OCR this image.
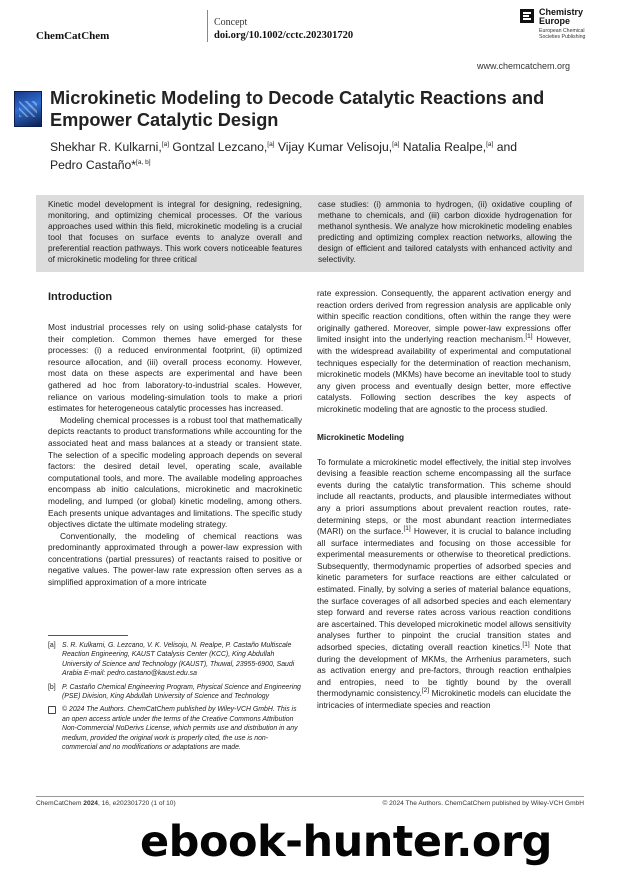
ChemCatChem
Concept
doi.org/10.1002/cctc.202301720
Chemistry
Europe
European Chemical
Societies Publishing
www.chemcatchem.org
Microkinetic Modeling to Decode Catalytic Reactions and Empower Catalytic Design
Shekhar R. Kulkarni,[a] Gontzal Lezcano,[a] Vijay Kumar Velisoju,[a] Natalia Realpe,[a] and
Pedro Castaño*[a, b]

Kinetic model development is integral for designing, redesigning, monitoring, and optimizing chemical processes. Of the various approaches used within this field, microkinetic modeling is a crucial tool that focuses on surface events to analyze overall and preferential reaction pathways. This work covers noticeable features of microkinetic modeling for three critical

case studies: (i) ammonia to hydrogen, (ii) oxidative coupling of methane to chemicals, and (iii) carbon dioxide hydrogenation for methanol synthesis. We analyze how microkinetic modeling enables predicting and optimizing complex reaction networks, allowing the design of efficient and tailored catalysts with enhanced activity and selectivity.

Introduction

Most industrial processes rely on using solid-phase catalysts for their completion. Common themes have emerged for these processes: (i) a reduced environmental footprint, (ii) optimized resource allocation, and (iii) overall process economy. However, most data on these aspects are experimental and have been gathered ad hoc from laboratory-to-industrial scales. However, reliance on various modeling-simulation tools to make a priori estimates for heterogeneous catalytic processes has increased.

Modeling chemical processes is a robust tool that mathematically depicts reactants to product transformations while accounting for the associated heat and mass balances at a steady or transient state. The selection of a specific modeling approach depends on several factors: the desired detail level, operating scale, available computational tools, and more. The available modeling approaches encompass ab initio calculations, microkinetic and macrokinetic modeling, and lumped (or global) kinetic modeling, among others. Each presents unique advantages and limitations. The specific study objectives dictate the ultimate modeling strategy.

Conventionally, the modeling of chemical reactions was predominantly approximated through a power-law expression with concentrations (partial pressures) of reactants raised to positive or negative values. The power-law rate expression often serves as a simplified approximation of a more intricate

rate expression. Consequently, the apparent activation energy and reaction orders derived from regression analysis are applicable only within specific reaction conditions, often within the range they were originally gathered. Moreover, simple power-law expressions offer limited insight into the underlying reaction mechanism.[1] However, with the widespread availability of experimental and computational techniques especially for the determination of reaction mechanism, microkinetic models (MKMs) have become an inevitable tool to study any given process and eventually design better, more effective catalysts. Following section describes the key aspects of microkinetic modeling that are agnostic to the process studied.

Microkinetic Modeling

To formulate a microkinetic model effectively, the initial step involves devising a feasible reaction scheme encompassing all the surface events during the catalytic transformation. This scheme should include all reactants, products, and plausible intermediates without any a priori assumptions about prevalent reaction routes, rate-determining steps, or the most abundant reaction intermediates (MARI) on the surface.[1] However, it is crucial to balance including all surface intermediates and focusing on those accessible for experimental measurements or otherwise to theoretical predictions. Subsequently, thermodynamic properties of adsorbed species and kinetic parameters for surface reactions are either calculated or estimated. Finally, by solving a series of material balance equations, the surface coverages of all adsorbed species and each elementary step forward and reverse rates across various reaction conditions are ascertained. This developed microkinetic model allows sensitivity analyses further to pinpoint the crucial transition states and adsorbed species, dictating overall reaction kinetics.[1] Note that during the development of MKMs, the Arrhenius parameters, such as activation energy and pre-factors, through reaction enthalpies and entropies, need to be tightly bound by the overall thermodynamic consistency.[2] Microkinetic models can elucidate the intricacies of intermediate species and reaction

[a] S. R. Kulkarni, G. Lezcano, V. K. Velisoju, N. Realpe, P. Castaño Multiscale Reaction Engineering, KAUST Catalysis Center (KCC), King Abdullah University of Science and Technology (KAUST), Thuwal, 23955-6900, Saudi Arabia E-mail: pedro.castano@kaust.edu.sa
[b] P. Castaño Chemical Engineering Program, Physical Science and Engineering (PSE) Division, King Abdullah University of Science and Technology
© 2024 The Authors. ChemCatChem published by Wiley-VCH GmbH. This is an open access article under the terms of the Creative Commons Attribution Non-Commercial NoDerivs License, which permits use and distribution in any medium, provided the original work is properly cited, the use is non-commercial and no modifications or adaptations are made.
ChemCatChem 2024, 16, e202301720 (1 of 10)	© 2024 The Authors. ChemCatChem published by Wiley-VCH GmbH
ebook-hunter.org
